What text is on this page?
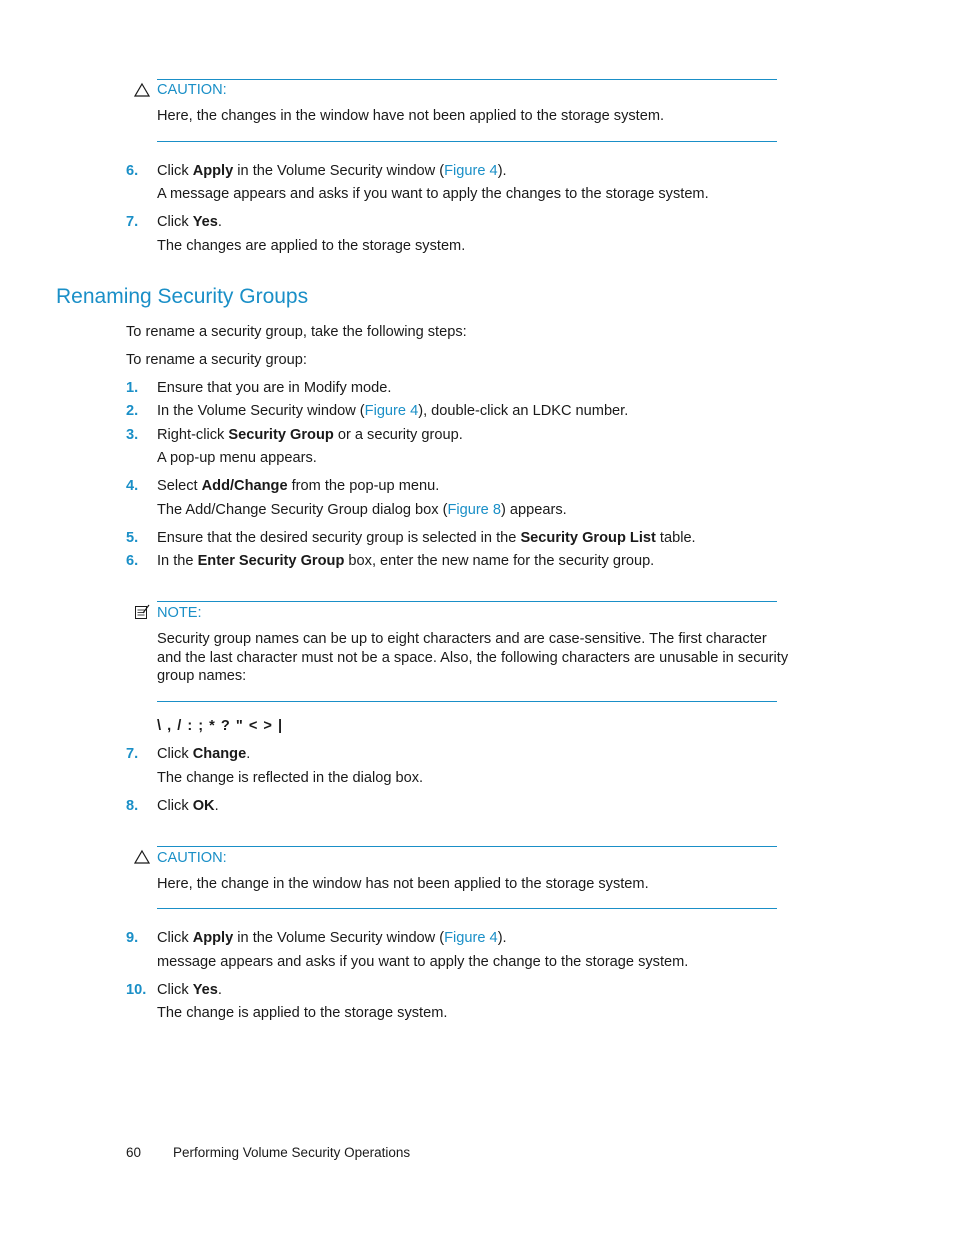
CAUTION:
Here, the changes in the window have not been applied to the storage system.
6. Click Apply in the Volume Security window (Figure 4).
A message appears and asks if you want to apply the changes to the storage system.
7. Click Yes.
The changes are applied to the storage system.
Renaming Security Groups
To rename a security group, take the following steps:
To rename a security group:
1. Ensure that you are in Modify mode.
2. In the Volume Security window (Figure 4), double-click an LDKC number.
3. Right-click Security Group or a security group.
A pop-up menu appears.
4. Select Add/Change from the pop-up menu.
The Add/Change Security Group dialog box (Figure 8) appears.
5. Ensure that the desired security group is selected in the Security Group List table.
6. In the Enter Security Group box, enter the new name for the security group.
NOTE:
Security group names can be up to eight characters and are case-sensitive. The first character
and the last character must not be a space. Also, the following characters are unusable in security
group names:
\ , / : ; * ? " < > |
7. Click Change.
The change is reflected in the dialog box.
8. Click OK.
CAUTION:
Here, the change in the window has not been applied to the storage system.
9. Click Apply in the Volume Security window (Figure 4).
message appears and asks if you want to apply the change to the storage system.
10. Click Yes.
The change is applied to the storage system.
60 Performing Volume Security Operations
